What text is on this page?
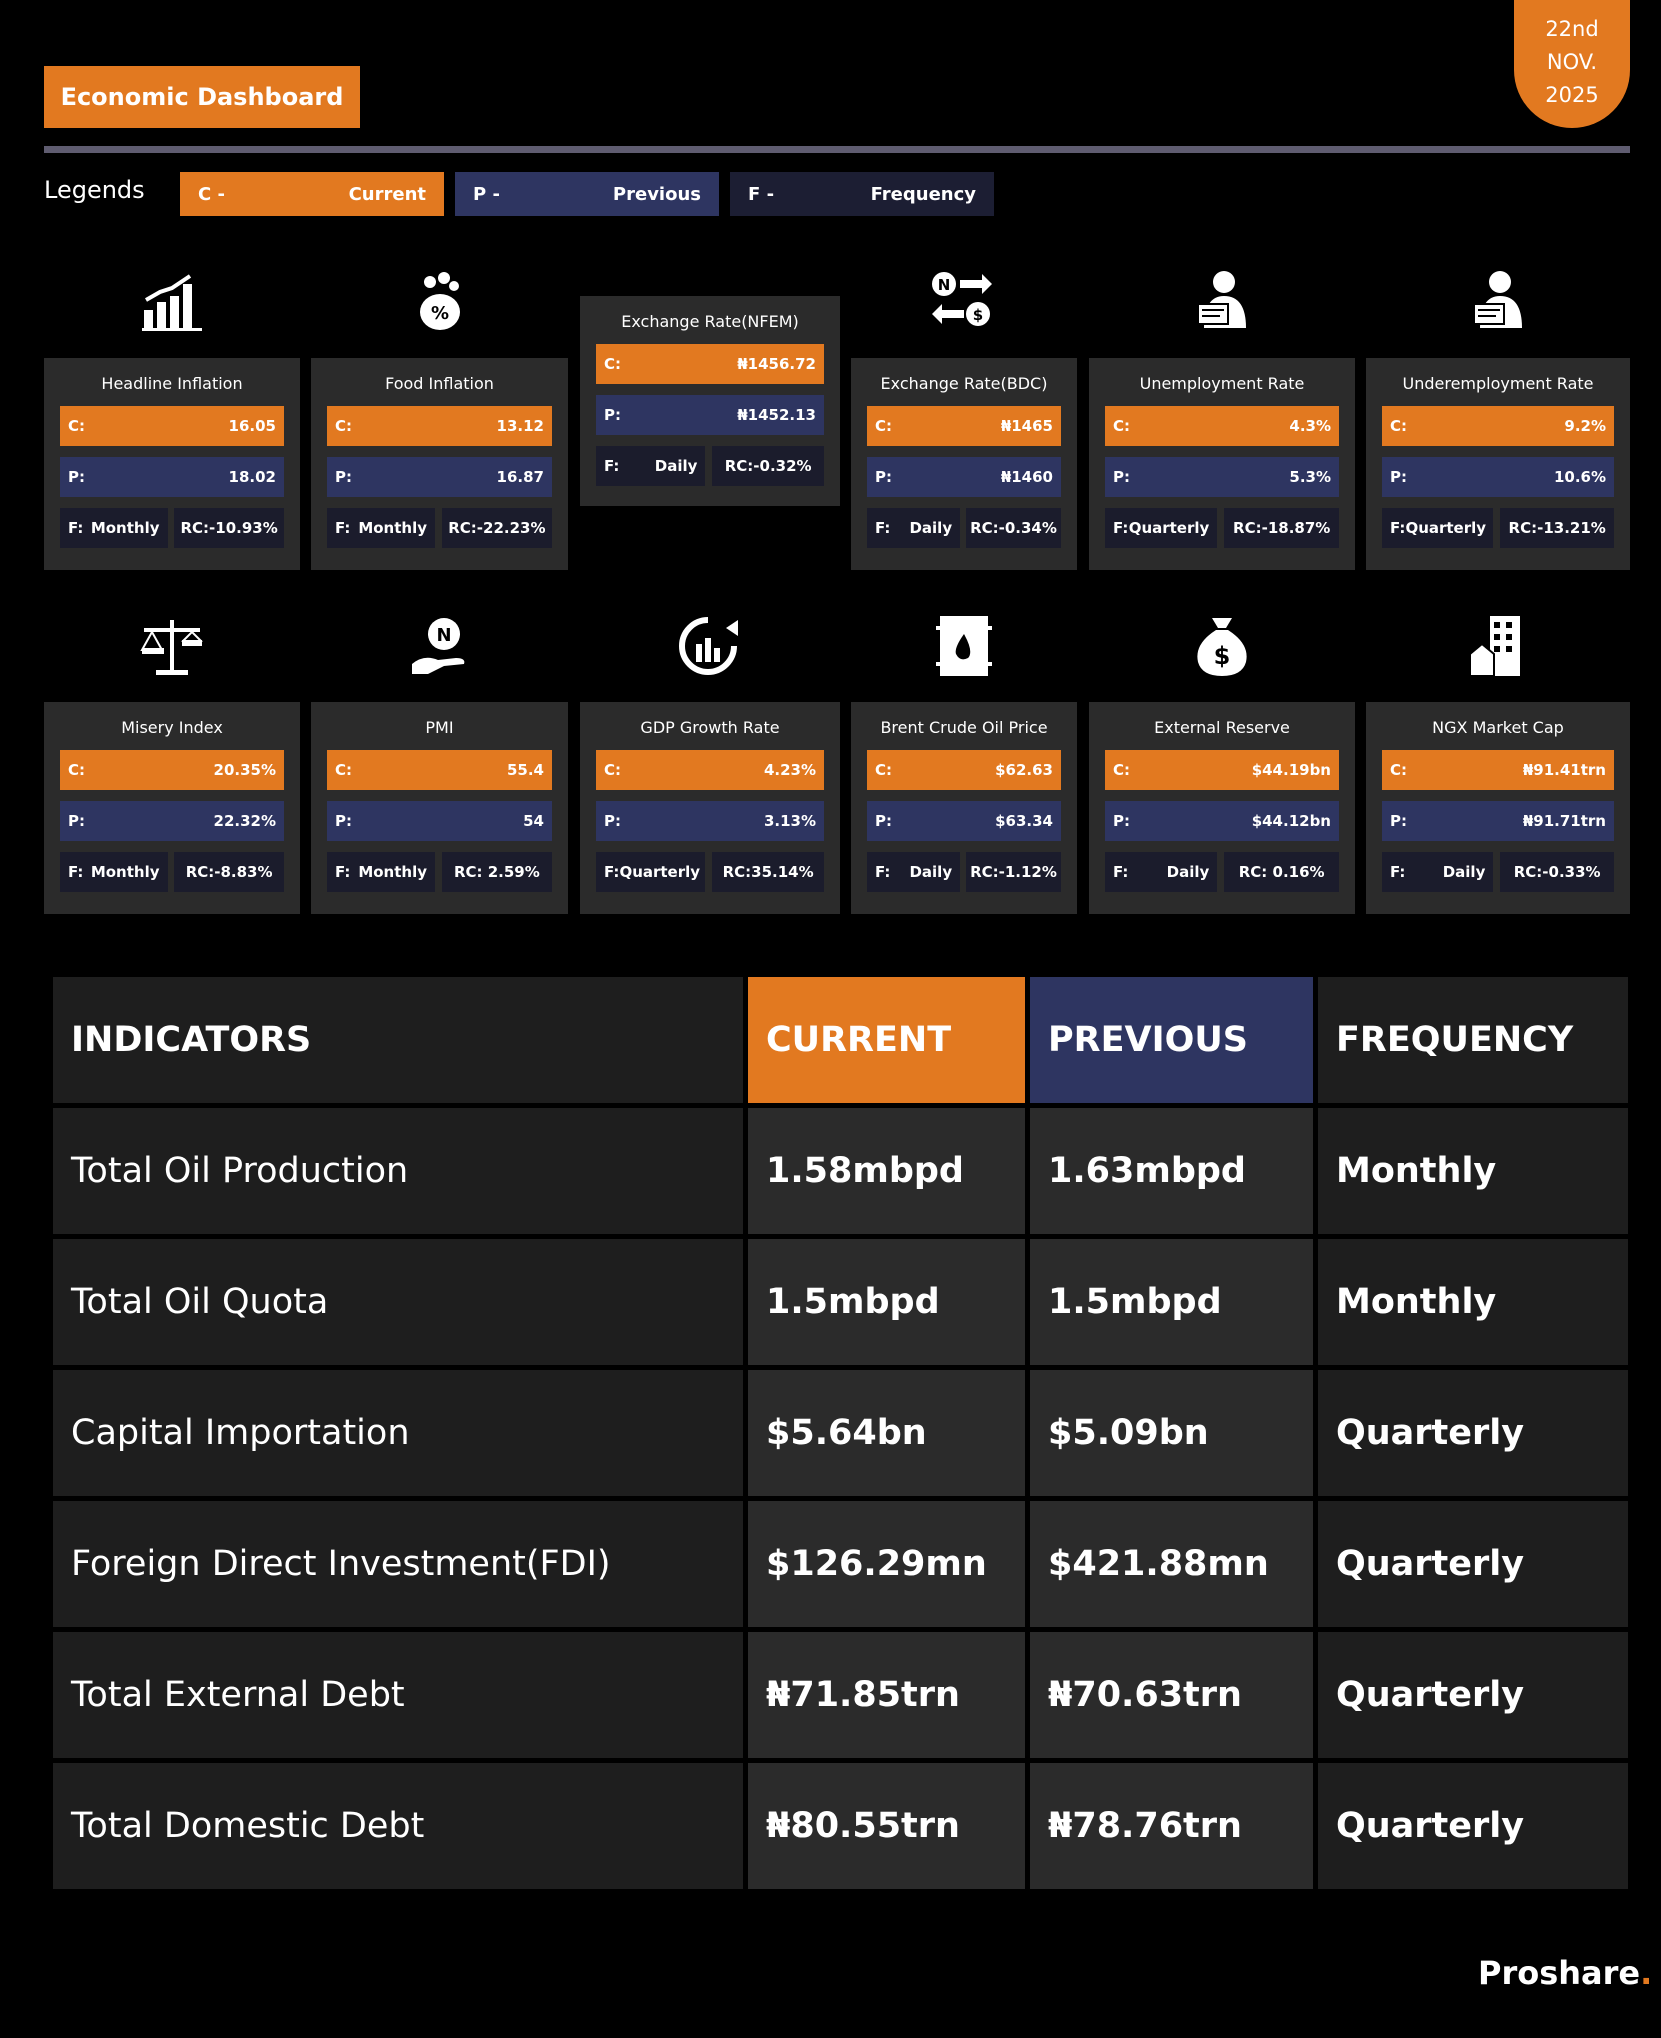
Economic Dashboard
22nd
NOV.
2025
Legends	C -	Current	P -	Previous	F -	Frequency
%
N
$
N
$
Headline Inflation
C:	16.05
P:	18.02
F: Monthly	RC:-10.93%
Food Inflation
C:	13.12
P:	16.87
F: Monthly	RC:-22.23%
Exchange Rate(NFEM)
C:	₦1456.72
P:	₦1452.13
F: Daily	RC:-0.32%
Exchange Rate(BDC)
C:	₦1465
P:	₦1460
F: Daily RC:-0.34%
Unemployment Rate
C:	4.3%
P:	5.3%
F: Quarterly	RC:-18.87%
Underemployment Rate
C:	9.2%
P:	10.6%
F: Quarterly	RC:-13.21%
Misery Index
C:	20.35%
P:	22.32%
F: Monthly	RC:-8.83%
PMI
C:	55.4
P:	54
F: Monthly	RC: 2.59%
GDP Growth Rate
C:	4.23%
P:	3.13%
F: Quarterly	RC:35.14%
Brent Crude Oil Price
C:	$62.63
P:	$63.34
F: Daily RC:-1.12%
External Reserve
C:	$44.19bn
P:	$44.12bn
F:	Daily	RC: 0.16%
NGX Market Cap
C:	₦91.41trn
P:	₦91.71trn
F: Daily	RC:-0.33%
INDICATORS	CURRENT	PREVIOUS	FREQUENCY
Total Oil Production	1.58mbpd	1.63mbpd	Monthly
Total Oil Quota	1.5mbpd	1.5mbpd	Monthly
Capital Importation	$5.64bn	$5.09bn	Quarterly
Foreign Direct Investment(FDI)	$126.29mn	$421.88mn	Quarterly
Total External Debt	₦71.85trn	₦70.63trn	Quarterly
Total Domestic Debt	₦80.55trn	₦78.76trn	Quarterly
Proshare.
